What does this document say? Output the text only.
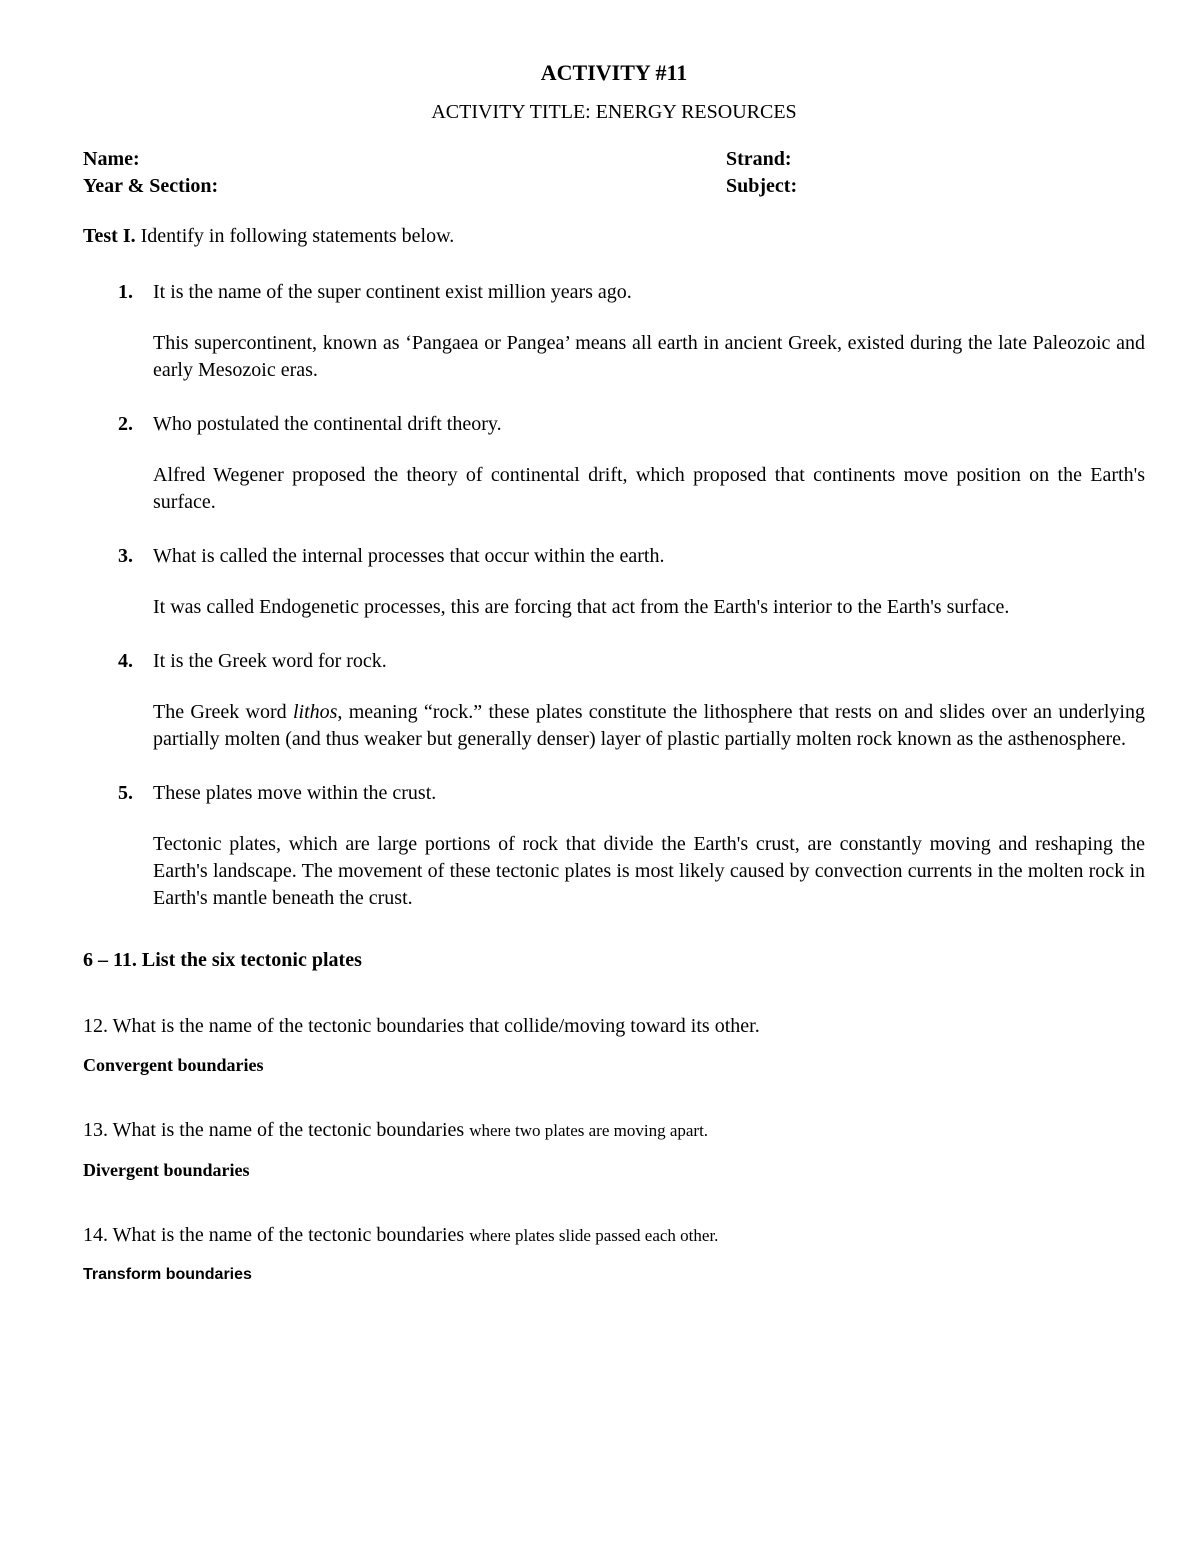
ACTIVITY #11
ACTIVITY TITLE: ENERGY RESOURCES
Name:
Year & Section:
Strand:
Subject:
Test I. Identify in following statements below.
1. It is the name of the super continent exist million years ago.

This supercontinent, known as ‘Pangaea or Pangea’ means all earth in ancient Greek, existed during the late Paleozoic and early Mesozoic eras.

2. Who postulated the continental drift theory.

Alfred Wegener proposed the theory of continental drift, which proposed that continents move position on the Earth's surface.

3. What is called the internal processes that occur within the earth.

It was called Endogenetic processes, this are forcing that act from the Earth's interior to the Earth's surface.

4. It is the Greek word for rock.

The Greek word lithos, meaning “rock.” these plates constitute the lithosphere that rests on and slides over an underlying partially molten (and thus weaker but generally denser) layer of plastic partially molten rock known as the asthenosphere.

5. These plates move within the crust.

Tectonic plates, which are large portions of rock that divide the Earth's crust, are constantly moving and reshaping the Earth's landscape. The movement of these tectonic plates is most likely caused by convection currents in the molten rock in Earth's mantle beneath the crust.

6 – 11. List the six tectonic plates
12. What is the name of the tectonic boundaries that collide/moving toward its other.
Convergent boundaries
13. What is the name of the tectonic boundaries where two plates are moving apart.
Divergent boundaries
14. What is the name of the tectonic boundaries where plates slide passed each other.
Transform boundaries
